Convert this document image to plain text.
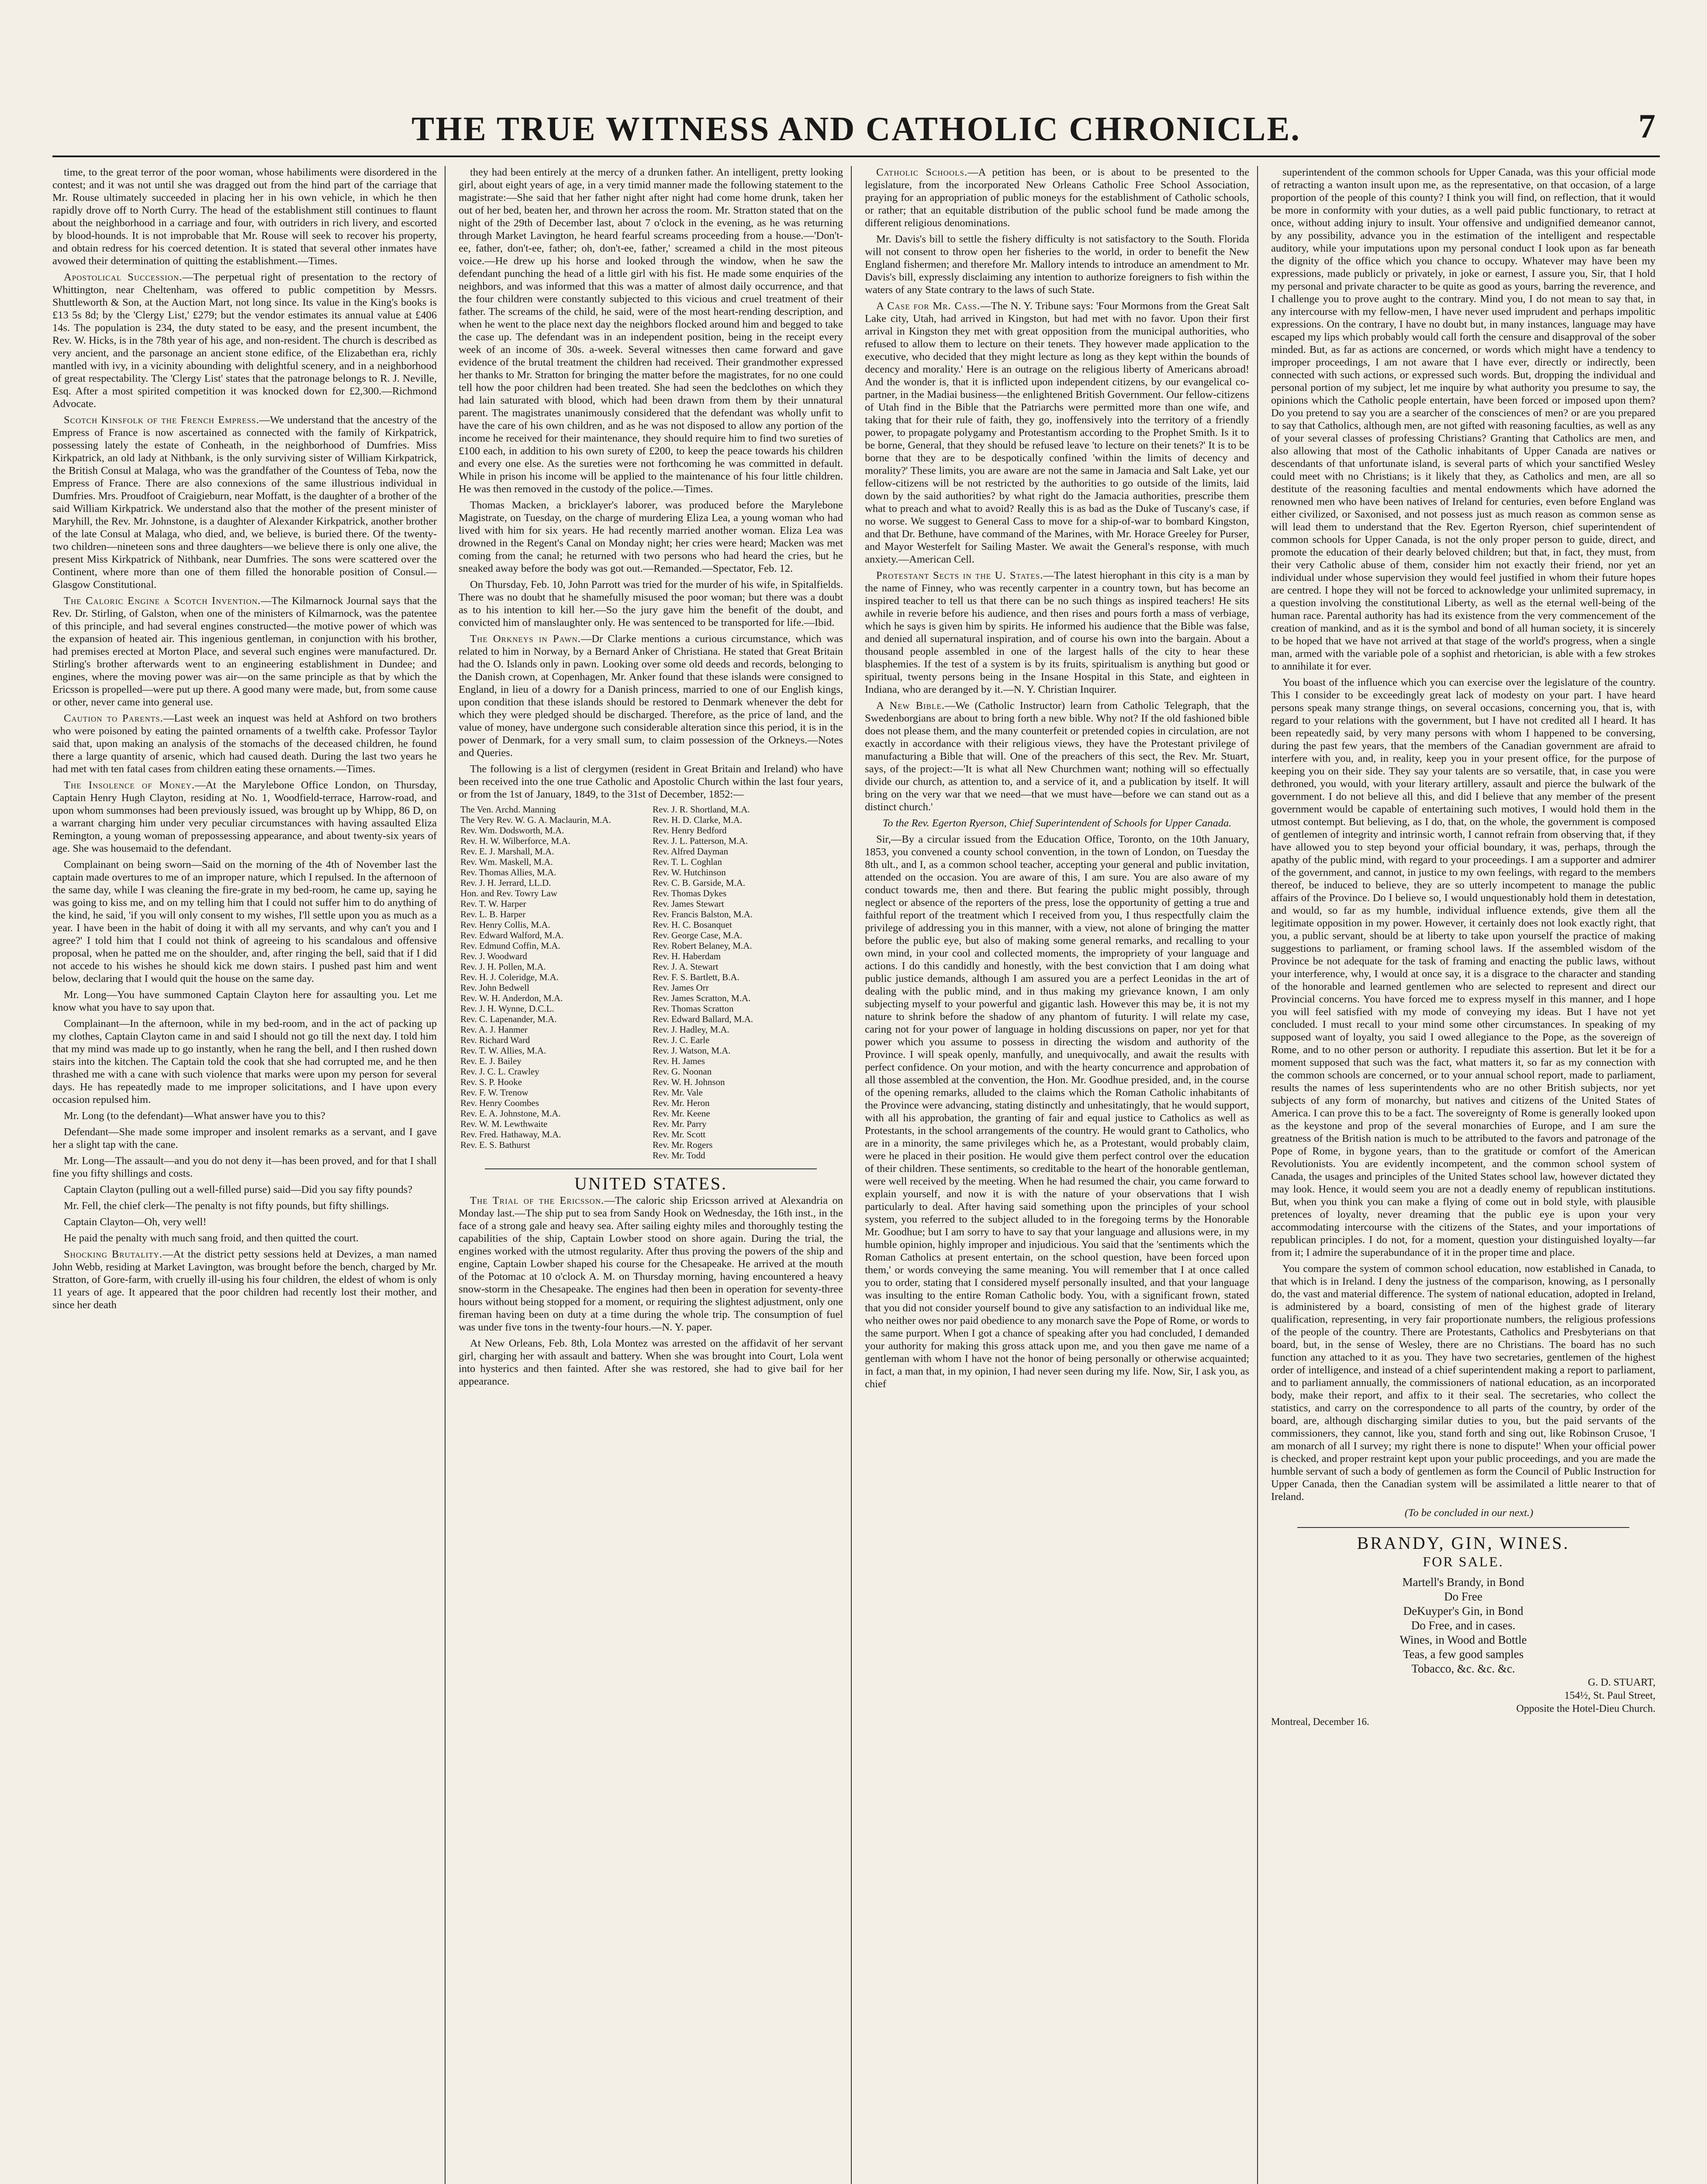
THE TRUE WITNESS AND CATHOLIC CHRONICLE.	7

time, to the great terror of the poor woman, whose habiliments were disordered in the contest; and it was not until she was dragged out from the hind part of the carriage that Mr. Rouse ultimately succeeded in placing her in his own vehicle, in which he then rapidly drove off to North Curry. The head of the establishment still continues to flaunt about the neighborhood in a carriage and four, with outriders in rich livery, and escorted by blood-hounds. It is not improbable that Mr. Rouse will seek to recover his property, and obtain redress for his coerced detention. It is stated that several other inmates have avowed their determination of quitting the establishment.—Times.

Apostolical Succession.—The perpetual right of presentation to the rectory of Whittington, near Cheltenham, was offered to public competition by Messrs. Shuttleworth & Son, at the Auction Mart, not long since. Its value in the King's books is £13 5s 8d; by the 'Clergy List,' £279; but the vendor estimates its annual value at £406 14s. The population is 234, the duty stated to be easy, and the present incumbent, the Rev. W. Hicks, is in the 78th year of his age, and non-resident. The church is described as very ancient, and the parsonage an ancient stone edifice, of the Elizabethan era, richly mantled with ivy, in a vicinity abounding with delightful scenery, and in a neighborhood of great respectability. The 'Clergy List' states that the patronage belongs to R. J. Neville, Esq. After a most spirited competition it was knocked down for £2,300.—Richmond Advocate.

Scotch Kinsfolk of the French Empress.—We understand that the ancestry of the Empress of France is now ascertained as connected with the family of Kirkpatrick, possessing lately the estate of Conheath, in the neighborhood of Dumfries. Miss Kirkpatrick, an old lady at Nithbank, is the only surviving sister of William Kirkpatrick, the British Consul at Malaga, who was the grandfather of the Countess of Teba, now the Empress of France. There are also connexions of the same illustrious individual in Dumfries. Mrs. Proudfoot of Craigieburn, near Moffatt, is the daughter of a brother of the said William Kirkpatrick. We understand also that the mother of the present minister of Maryhill, the Rev. Mr. Johnstone, is a daughter of Alexander Kirkpatrick, another brother of the late Consul at Malaga, who died, and, we believe, is buried there. Of the twenty-two children—nineteen sons and three daughters—we believe there is only one alive, the present Miss Kirkpatrick of Nithbank, near Dumfries. The sons were scattered over the Continent, where more than one of them filled the honorable position of Consul.—Glasgow Constitutional.

The Caloric Engine a Scotch Invention.—The Kilmarnock Journal says that the Rev. Dr. Stirling, of Galston, when one of the ministers of Kilmarnock, was the patentee of this principle, and had several engines constructed—the motive power of which was the expansion of heated air. This ingenious gentleman, in conjunction with his brother, had premises erected at Morton Place, and several such engines were manufactured. Dr. Stirling's brother afterwards went to an engineering establishment in Dundee; and engines, where the moving power was air—on the same principle as that by which the Ericsson is propelled—were put up there. A good many were made, but, from some cause or other, never came into general use.

Caution to Parents.—Last week an inquest was held at Ashford on two brothers who were poisoned by eating the painted ornaments of a twelfth cake. Professor Taylor said that, upon making an analysis of the stomachs of the deceased children, he found there a large quantity of arsenic, which had caused death. During the last two years he had met with ten fatal cases from children eating these ornaments.—Times.

The Insolence of Money.—At the Marylebone Office London, on Thursday, Captain Henry Hugh Clayton, residing at No. 1, Woodfield-terrace, Harrow-road, and upon whom summonses had been previously issued, was brought up by Whipp, 86 D, on a warrant charging him under very peculiar circumstances with having assaulted Eliza Remington, a young woman of prepossessing appearance, and about twenty-six years of age. She was housemaid to the defendant.

Complainant on being sworn—Said on the morning of the 4th of November last the captain made overtures to me of an improper nature, which I repulsed. In the afternoon of the same day, while I was cleaning the fire-grate in my bed-room, he came up, saying he was going to kiss me, and on my telling him that I could not suffer him to do anything of the kind, he said, 'if you will only consent to my wishes, I'll settle upon you as much as a year. I have been in the habit of doing it with all my servants, and why can't you and I agree?' I told him that I could not think of agreeing to his scandalous and offensive proposal, when he patted me on the shoulder, and, after ringing the bell, said that if I did not accede to his wishes he should kick me down stairs. I pushed past him and went below, declaring that I would quit the house on the same day.

Mr. Long—You have summoned Captain Clayton here for assaulting you. Let me know what you have to say upon that.

Complainant—In the afternoon, while in my bed-room, and in the act of packing up my clothes, Captain Clayton came in and said I should not go till the next day. I told him that my mind was made up to go instantly, when he rang the bell, and I then rushed down stairs into the kitchen. The Captain told the cook that she had corrupted me, and he then thrashed me with a cane with such violence that marks were upon my person for several days. He has repeatedly made to me improper solicitations, and I have upon every occasion repulsed him.

Mr. Long (to the defendant)—What answer have you to this?

Defendant—She made some improper and insolent remarks as a servant, and I gave her a slight tap with the cane.

Mr. Long—The assault—and you do not deny it—has been proved, and for that I shall fine you fifty shillings and costs.

Captain Clayton (pulling out a well-filled purse) said—Did you say fifty pounds?

Mr. Fell, the chief clerk—The penalty is not fifty pounds, but fifty shillings.

Captain Clayton—Oh, very well!

He paid the penalty with much sang froid, and then quitted the court.

Shocking Brutality.—At the district petty sessions held at Devizes, a man named John Webb, residing at Market Lavington, was brought before the bench, charged by Mr. Stratton, of Gore-farm, with cruelly ill-using his four children, the eldest of whom is only 11 years of age. It appeared that the poor children had recently lost their mother, and since her death

they had been entirely at the mercy of a drunken father. An intelligent, pretty looking girl, about eight years of age, in a very timid manner made the following statement to the magistrate:—She said that her father night after night had come home drunk, taken her out of her bed, beaten her, and thrown her across the room. Mr. Stratton stated that on the night of the 29th of December last, about 7 o'clock in the evening, as he was returning through Market Lavington, he heard fearful screams proceeding from a house.—'Don't-ee, father, don't-ee, father; oh, don't-ee, father,' screamed a child in the most piteous voice.—He drew up his horse and looked through the window, when he saw the defendant punching the head of a little girl with his fist. He made some enquiries of the neighbors, and was informed that this was a matter of almost daily occurrence, and that the four children were constantly subjected to this vicious and cruel treatment of their father. The screams of the child, he said, were of the most heart-rending description, and when he went to the place next day the neighbors flocked around him and begged to take the case up. The defendant was in an independent position, being in the receipt every week of an income of 30s. a-week. Several witnesses then came forward and gave evidence of the brutal treatment the children had received. Their grandmother expressed her thanks to Mr. Stratton for bringing the matter before the magistrates, for no one could tell how the poor children had been treated. She had seen the bedclothes on which they had lain saturated with blood, which had been drawn from them by their unnatural parent. The magistrates unanimously considered that the defendant was wholly unfit to have the care of his own children, and as he was not disposed to allow any portion of the income he received for their maintenance, they should require him to find two sureties of £100 each, in addition to his own surety of £200, to keep the peace towards his children and every one else. As the sureties were not forthcoming he was committed in default. While in prison his income will be applied to the maintenance of his four little children. He was then removed in the custody of the police.—Times.

Thomas Macken, a bricklayer's laborer, was produced before the Marylebone Magistrate, on Tuesday, on the charge of murdering Eliza Lea, a young woman who had lived with him for six years. He had recently married another woman. Eliza Lea was drowned in the Regent's Canal on Monday night; her cries were heard; Macken was met coming from the canal; he returned with two persons who had heard the cries, but he sneaked away before the body was got out.—Remanded.—Spectator, Feb. 12.

On Thursday, Feb. 10, John Parrott was tried for the murder of his wife, in Spitalfields. There was no doubt that he shamefully misused the poor woman; but there was a doubt as to his intention to kill her.—So the jury gave him the benefit of the doubt, and convicted him of manslaughter only. He was sentenced to be transported for life.—Ibid.

The Orkneys in Pawn.—Dr Clarke mentions a curious circumstance, which was related to him in Norway, by a Bernard Anker of Christiana. He stated that Great Britain had the O. Islands only in pawn. Looking over some old deeds and records, belonging to the Danish crown, at Copenhagen, Mr. Anker found that these islands were consigned to England, in lieu of a dowry for a Danish princess, married to one of our English kings, upon condition that these islands should be restored to Denmark whenever the debt for which they were pledged should be discharged. Therefore, as the price of land, and the value of money, have undergone such considerable alteration since this period, it is in the power of Denmark, for a very small sum, to claim possession of the Orkneys.—Notes and Queries.

The following is a list of clergymen (resident in Great Britain and Ireland) who have been received into the one true Catholic and Apostolic Church within the last four years, or from the 1st of January, 1849, to the 31st of December, 1852:—

The Ven. Archd. Manning	Rev. J. R. Shortland, M.A.
The Very Rev. W. G. A. Maclaurin, M.A.	Rev. H. D. Clarke, M.A.
Rev. Wm. Dodsworth, M.A.	Rev. Henry Bedford
Rev. H. W. Wilberforce, M.A.	Rev. J. L. Patterson, M.A.
Rev. E. J. Marshall, M.A.	Rev. Alfred Dayman
Rev. Wm. Maskell, M.A.	Rev. T. L. Coghlan
Rev. Thomas Allies, M.A.	Rev. W. Hutchinson
Rev. J. H. Jerrard, LL.D.	Rev. C. B. Garside, M.A.
Hon. and Rev. Towry Law	Rev. Thomas Dykes
Rev. T. W. Harper	Rev. James Stewart
Rev. L. B. Harper	Rev. Francis Balston, M.A.
Rev. Henry Collis, M.A.	Rev. H. C. Bosanquet
Rev. Edward Walford, M.A.	Rev. George Case, M.A.
Rev. Edmund Coffin, M.A.	Rev. Robert Belaney, M.A.
Rev. J. Woodward	Rev. H. Haberdam
Rev. J. H. Pollen, M.A.	Rev. J. A. Stewart
Rev. H. J. Coleridge, M.A.	Rev. F. S. Bartlett, B.A.
Rev. John Bedwell	Rev. James Orr
Rev. W. H. Anderdon, M.A.	Rev. James Scratton, M.A.
Rev. J. H. Wynne, D.C.L.	Rev. Thomas Scratton
Rev. C. Lapenander, M.A.	Rev. Edward Ballard, M.A.
Rev. A. J. Hanmer	Rev. J. Hadley, M.A.
Rev. Richard Ward	Rev. J. C. Earle
Rev. T. W. Allies, M.A.	Rev. J. Watson, M.A.
Rev. E. J. Bailey	Rev. H. James
Rev. J. C. L. Crawley	Rev. G. Noonan
Rev. S. P. Hooke	Rev. W. H. Johnson
Rev. F. W. Trenow	Rev. Mr. Vale
Rev. Henry Coombes	Rev. Mr. Heron
Rev. E. A. Johnstone, M.A.	Rev. Mr. Keene
Rev. W. M. Lewthwaite	Rev. Mr. Parry
Rev. Fred. Hathaway, M.A.	Rev. Mr. Scott
Rev. E. S. Bathurst	Rev. Mr. Rogers
	Rev. Mr. Todd
UNITED STATES.

The Trial of the Ericsson.—The caloric ship Ericsson arrived at Alexandria on Monday last.—The ship put to sea from Sandy Hook on Wednesday, the 16th inst., in the face of a strong gale and heavy sea. After sailing eighty miles and thoroughly testing the capabilities of the ship, Captain Lowber stood on shore again. During the trial, the engines worked with the utmost regularity. After thus proving the powers of the ship and engine, Captain Lowber shaped his course for the Chesapeake. He arrived at the mouth of the Potomac at 10 o'clock A. M. on Thursday morning, having encountered a heavy snow-storm in the Chesapeake. The engines had then been in operation for seventy-three hours without being stopped for a moment, or requiring the slightest adjustment, only one fireman having been on duty at a time during the whole trip. The consumption of fuel was under five tons in the twenty-four hours.—N. Y. paper.

At New Orleans, Feb. 8th, Lola Montez was arrested on the affidavit of her servant girl, charging her with assault and battery. When she was brought into Court, Lola went into hysterics and then fainted. After she was restored, she had to give bail for her appearance.

Catholic Schools.—A petition has been, or is about to be presented to the legislature, from the incorporated New Orleans Catholic Free School Association, praying for an appropriation of public moneys for the establishment of Catholic schools, or rather; that an equitable distribution of the public school fund be made among the different religious denominations.

Mr. Davis's bill to settle the fishery difficulty is not satisfactory to the South. Florida will not consent to throw open her fisheries to the world, in order to benefit the New England fishermen; and therefore Mr. Mallory intends to introduce an amendment to Mr. Davis's bill, expressly disclaiming any intention to authorize foreigners to fish within the waters of any State contrary to the laws of such State.

A Case for Mr. Cass.—The N. Y. Tribune says: 'Four Mormons from the Great Salt Lake city, Utah, had arrived in Kingston, but had met with no favor. Upon their first arrival in Kingston they met with great opposition from the municipal authorities, who refused to allow them to lecture on their tenets. They however made application to the executive, who decided that they might lecture as long as they kept within the bounds of decency and morality.' Here is an outrage on the religious liberty of Americans abroad! And the wonder is, that it is inflicted upon independent citizens, by our evangelical co-partner, in the Madiai business—the enlightened British Government. Our fellow-citizens of Utah find in the Bible that the Patriarchs were permitted more than one wife, and taking that for their rule of faith, they go, inoffensively into the territory of a friendly power, to propagate polygamy and Protestantism according to the Prophet Smith. Is it to be borne, General, that they should be refused leave 'to lecture on their tenets?' It is to be borne that they are to be despotically confined 'within the limits of decency and morality?' These limits, you are aware are not the same in Jamacia and Salt Lake, yet our fellow-citizens will be not restricted by the authorities to go outside of the limits, laid down by the said authorities? by what right do the Jamacia authorities, prescribe them what to preach and what to avoid? Really this is as bad as the Duke of Tuscany's case, if no worse. We suggest to General Cass to move for a ship-of-war to bombard Kingston, and that Dr. Bethune, have command of the Marines, with Mr. Horace Greeley for Purser, and Mayor Westerfelt for Sailing Master. We await the General's response, with much anxiety.—American Cell.

Protestant Sects in the U. States.—The latest hierophant in this city is a man by the name of Finney, who was recently carpenter in a country town, but has become an inspired teacher to tell us that there can be no such things as inspired teachers! He sits awhile in reverie before his audience, and then rises and pours forth a mass of verbiage, which he says is given him by spirits. He informed his audience that the Bible was false, and denied all supernatural inspiration, and of course his own into the bargain. About a thousand people assembled in one of the largest halls of the city to hear these blasphemies. If the test of a system is by its fruits, spiritualism is anything but good or spiritual, twenty persons being in the Insane Hospital in this State, and eighteen in Indiana, who are deranged by it.—N. Y. Christian Inquirer.

A New Bible.—We (Catholic Instructor) learn from Catholic Telegraph, that the Swedenborgians are about to bring forth a new bible. Why not? If the old fashioned bible does not please them, and the many counterfeit or pretended copies in circulation, are not exactly in accordance with their religious views, they have the Protestant privilege of manufacturing a Bible that will. One of the preachers of this sect, the Rev. Mr. Stuart, says, of the project:—'It is what all New Churchmen want; nothing will so effectually divide our church, as attention to, and a service of it, and a publication by itself. It will bring on the very war that we need—that we must have—before we can stand out as a distinct church.'

To the Rev. Egerton Ryerson, Chief Superintendent of Schools for Upper Canada.

Sir,—By a circular issued from the Education Office, Toronto, on the 10th January, 1853, you convened a county school convention, in the town of London, on Tuesday the 8th ult., and I, as a common school teacher, accepting your general and public invitation, attended on the occasion. You are aware of this, I am sure. You are also aware of my conduct towards me, then and there. But fearing the public might possibly, through neglect or absence of the reporters of the press, lose the opportunity of getting a true and faithful report of the treatment which I received from you, I thus respectfully claim the privilege of addressing you in this manner, with a view, not alone of bringing the matter before the public eye, but also of making some general remarks, and recalling to your own mind, in your cool and collected moments, the impropriety of your language and actions. I do this candidly and honestly, with the best conviction that I am doing what public justice demands, although I am assured you are a perfect Leonidas in the art of dealing with the public mind, and in thus making my grievance known, I am only subjecting myself to your powerful and gigantic lash. However this may be, it is not my nature to shrink before the shadow of any phantom of futurity. I will relate my case, caring not for your power of language in holding discussions on paper, nor yet for that power which you assume to possess in directing the wisdom and authority of the Province. I will speak openly, manfully, and unequivocally, and await the results with perfect confidence. On your motion, and with the hearty concurrence and approbation of all those assembled at the convention, the Hon. Mr. Goodhue presided, and, in the course of the opening remarks, alluded to the claims which the Roman Catholic inhabitants of the Province were advancing, stating distinctly and unhesitatingly, that he would support, with all his approbation, the granting of fair and equal justice to Catholics as well as Protestants, in the school arrangements of the country. He would grant to Catholics, who are in a minority, the same privileges which he, as a Protestant, would probably claim, were he placed in their position. He would give them perfect control over the education of their children. These sentiments, so creditable to the heart of the honorable gentleman, were well received by the meeting. When he had resumed the chair, you came forward to explain yourself, and now it is with the nature of your observations that I wish particularly to deal. After having said something upon the principles of your school system, you referred to the subject alluded to in the foregoing terms by the Honorable Mr. Goodhue; but I am sorry to have to say that your language and allusions were, in my humble opinion, highly improper and injudicious. You said that the 'sentiments which the Roman Catholics at present entertain, on the school question, have been forced upon them,' or words conveying the same meaning. You will remember that I at once called you to order, stating that I considered myself personally insulted, and that your language was insulting to the entire Roman Catholic body. You, with a significant frown, stated that you did not consider yourself bound to give any satisfaction to an individual like me, who neither owes nor paid obedience to any monarch save the Pope of Rome, or words to the same purport. When I got a chance of speaking after you had concluded, I demanded your authority for making this gross attack upon me, and you then gave me name of a gentleman with whom I have not the honor of being personally or otherwise acquainted; in fact, a man that, in my opinion, I had never seen during my life. Now, Sir, I ask you, as chief

superintendent of the common schools for Upper Canada, was this your official mode of retracting a wanton insult upon me, as the representative, on that occasion, of a large proportion of the people of this county? I think you will find, on reflection, that it would be more in conformity with your duties, as a well paid public functionary, to retract at once, without adding injury to insult. Your offensive and undignified demeanor cannot, by any possibility, advance you in the estimation of the intelligent and respectable auditory, while your imputations upon my personal conduct I look upon as far beneath the dignity of the office which you chance to occupy. Whatever may have been my expressions, made publicly or privately, in joke or earnest, I assure you, Sir, that I hold my personal and private character to be quite as good as yours, barring the reverence, and I challenge you to prove aught to the contrary. Mind you, I do not mean to say that, in any intercourse with my fellow-men, I have never used imprudent and perhaps impolitic expressions. On the contrary, I have no doubt but, in many instances, language may have escaped my lips which probably would call forth the censure and disapproval of the sober minded. But, as far as actions are concerned, or words which might have a tendency to improper proceedings, I am not aware that I have ever, directly or indirectly, been connected with such actions, or expressed such words. But, dropping the individual and personal portion of my subject, let me inquire by what authority you presume to say, the opinions which the Catholic people entertain, have been forced or imposed upon them? Do you pretend to say you are a searcher of the consciences of men? or are you prepared to say that Catholics, although men, are not gifted with reasoning faculties, as well as any of your several classes of professing Christians? Granting that Catholics are men, and also allowing that most of the Catholic inhabitants of Upper Canada are natives or descendants of that unfortunate island, is several parts of which your sanctified Wesley could meet with no Christians; is it likely that they, as Catholics and men, are all so destitute of the reasoning faculties and mental endowments which have adorned the renowned men who have been natives of Ireland for centuries, even before England was either civilized, or Saxonised, and not possess just as much reason as common sense as will lead them to understand that the Rev. Egerton Ryerson, chief superintendent of common schools for Upper Canada, is not the only proper person to guide, direct, and promote the education of their dearly beloved children; but that, in fact, they must, from their very Catholic abuse of them, consider him not exactly their friend, nor yet an individual under whose supervision they would feel justified in whom their future hopes are centred. I hope they will not be forced to acknowledge your unlimited supremacy, in a question involving the constitutional Liberty, as well as the eternal well-being of the human race. Parental authority has had its existence from the very commencement of the creation of mankind, and as it is the symbol and bond of all human society, it is sincerely to be hoped that we have not arrived at that stage of the world's progress, when a single man, armed with the variable pole of a sophist and rhetorician, is able with a few strokes to annihilate it for ever.

You boast of the influence which you can exercise over the legislature of the country. This I consider to be exceedingly great lack of modesty on your part. I have heard persons speak many strange things, on several occasions, concerning you, that is, with regard to your relations with the government, but I have not credited all I heard. It has been repeatedly said, by very many persons with whom I happened to be conversing, during the past few years, that the members of the Canadian government are afraid to interfere with you, and, in reality, keep you in your present office, for the purpose of keeping you on their side. They say your talents are so versatile, that, in case you were dethroned, you would, with your literary artillery, assault and pierce the bulwark of the government. I do not believe all this, and did I believe that any member of the present government would be capable of entertaining such motives, I would hold them in the utmost contempt. But believing, as I do, that, on the whole, the government is composed of gentlemen of integrity and intrinsic worth, I cannot refrain from observing that, if they have allowed you to step beyond your official boundary, it was, perhaps, through the apathy of the public mind, with regard to your proceedings. I am a supporter and admirer of the government, and cannot, in justice to my own feelings, with regard to the members thereof, be induced to believe, they are so utterly incompetent to manage the public affairs of the Province. Do I believe so, I would unquestionably hold them in detestation, and would, so far as my humble, individual influence extends, give them all the legitimate opposition in my power. However, it certainly does not look exactly right, that you, a public servant, should be at liberty to take upon yourself the practice of making suggestions to parliament, or framing school laws. If the assembled wisdom of the Province be not adequate for the task of framing and enacting the public laws, without your interference, why, I would at once say, it is a disgrace to the character and standing of the honorable and learned gentlemen who are selected to represent and direct our Provincial concerns. You have forced me to express myself in this manner, and I hope you will feel satisfied with my mode of conveying my ideas. But I have not yet concluded. I must recall to your mind some other circumstances. In speaking of my supposed want of loyalty, you said I owed allegiance to the Pope, as the sovereign of Rome, and to no other person or authority. I repudiate this assertion. But let it be for a moment supposed that such was the fact, what matters it, so far as my connection with the common schools are concerned, or to your annual school report, made to parliament, results the names of less superintendents who are no other British subjects, nor yet subjects of any form of monarchy, but natives and citizens of the United States of America. I can prove this to be a fact. The sovereignty of Rome is generally looked upon as the keystone and prop of the several monarchies of Europe, and I am sure the greatness of the British nation is much to be attributed to the favors and patronage of the Pope of Rome, in bygone years, than to the gratitude or comfort of the American Revolutionists. You are evidently incompetent, and the common school system of Canada, the usages and principles of the United States school law, however dictated they may look. Hence, it would seem you are not a deadly enemy of republican institutions. But, when you think you can make a flying of come out in bold style, with plausible pretences of loyalty, never dreaming that the public eye is upon your very accommodating intercourse with the citizens of the States, and your importations of republican principles. I do not, for a moment, question your distinguished loyalty—far from it; I admire the superabundance of it in the proper time and place.

You compare the system of common school education, now established in Canada, to that which is in Ireland. I deny the justness of the comparison, knowing, as I personally do, the vast and material difference. The system of national education, adopted in Ireland, is administered by a board, consisting of men of the highest grade of literary qualification, representing, in very fair proportionate numbers, the religious professions of the people of the country. There are Protestants, Catholics and Presbyterians on that board, but, in the sense of Wesley, there are no Christians. The board has no such function any attached to it as you. They have two secretaries, gentlemen of the highest order of intelligence, and instead of a chief superintendent making a report to parliament, and to parliament annually, the commissioners of national education, as an incorporated body, make their report, and affix to it their seal. The secretaries, who collect the statistics, and carry on the correspondence to all parts of the country, by order of the board, are, although discharging similar duties to you, but the paid servants of the commissioners, they cannot, like you, stand forth and sing out, like Robinson Crusoe, 'I am monarch of all I survey; my right there is none to dispute!' When your official power is checked, and proper restraint kept upon your public proceedings, and you are made the humble servant of such a body of gentlemen as form the Council of Public Instruction for Upper Canada, then the Canadian system will be assimilated a little nearer to that of Ireland.

(To be concluded in our next.)

BRANDY, GIN, WINES.
FOR SALE.
Martell's Brandy, in Bond
Do Free
DeKuyper's Gin, in Bond
Do Free, and in cases.
Wines, in Wood and Bottle
Teas, a few good samples
Tobacco, &c. &c. &c.
G. D. STUART,
154½, St. Paul Street,
Opposite the Hotel-Dieu Church.
Montreal, December 16.
